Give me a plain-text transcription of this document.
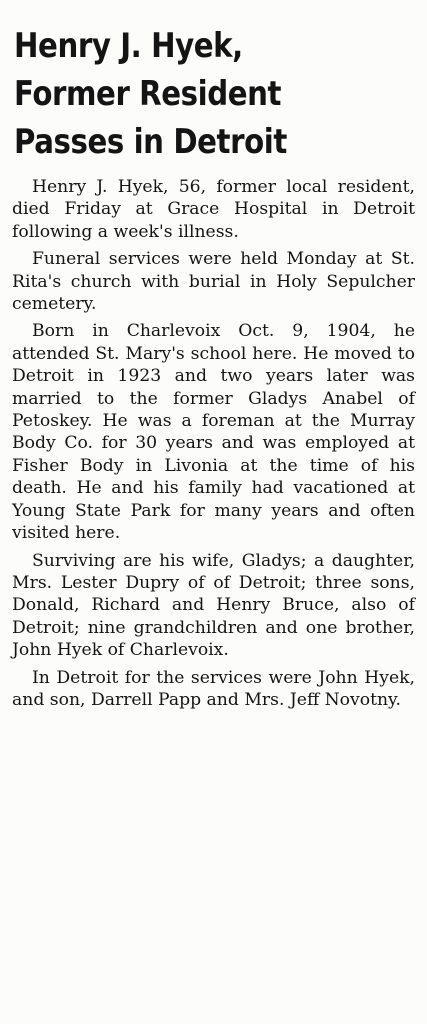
Henry J. Hyek,
Former Resident
Passes in Detroit

Henry J. Hyek, 56, former local resident, died Friday at Grace Hospital in Detroit following a week's illness.

Funeral services were held Monday at St. Rita's church with burial in Holy Sepulcher cemetery.

Born in Charlevoix Oct. 9, 1904, he attended St. Mary's school here. He moved to Detroit in 1923 and two years later was married to the former Gladys Anabel of Petoskey. He was a foreman at the Murray Body Co. for 30 years and was employed at Fisher Body in Livonia at the time of his death. He and his family had vacationed at Young State Park for many years and often visited here.

Surviving are his wife, Gladys; a daughter, Mrs. Lester Dupry of of Detroit; three sons, Donald, Richard and Henry Bruce, also of Detroit; nine grandchildren and one brother, John Hyek of Charlevoix.

In Detroit for the services were John Hyek, and son, Darrell Papp and Mrs. Jeff Novotny.
